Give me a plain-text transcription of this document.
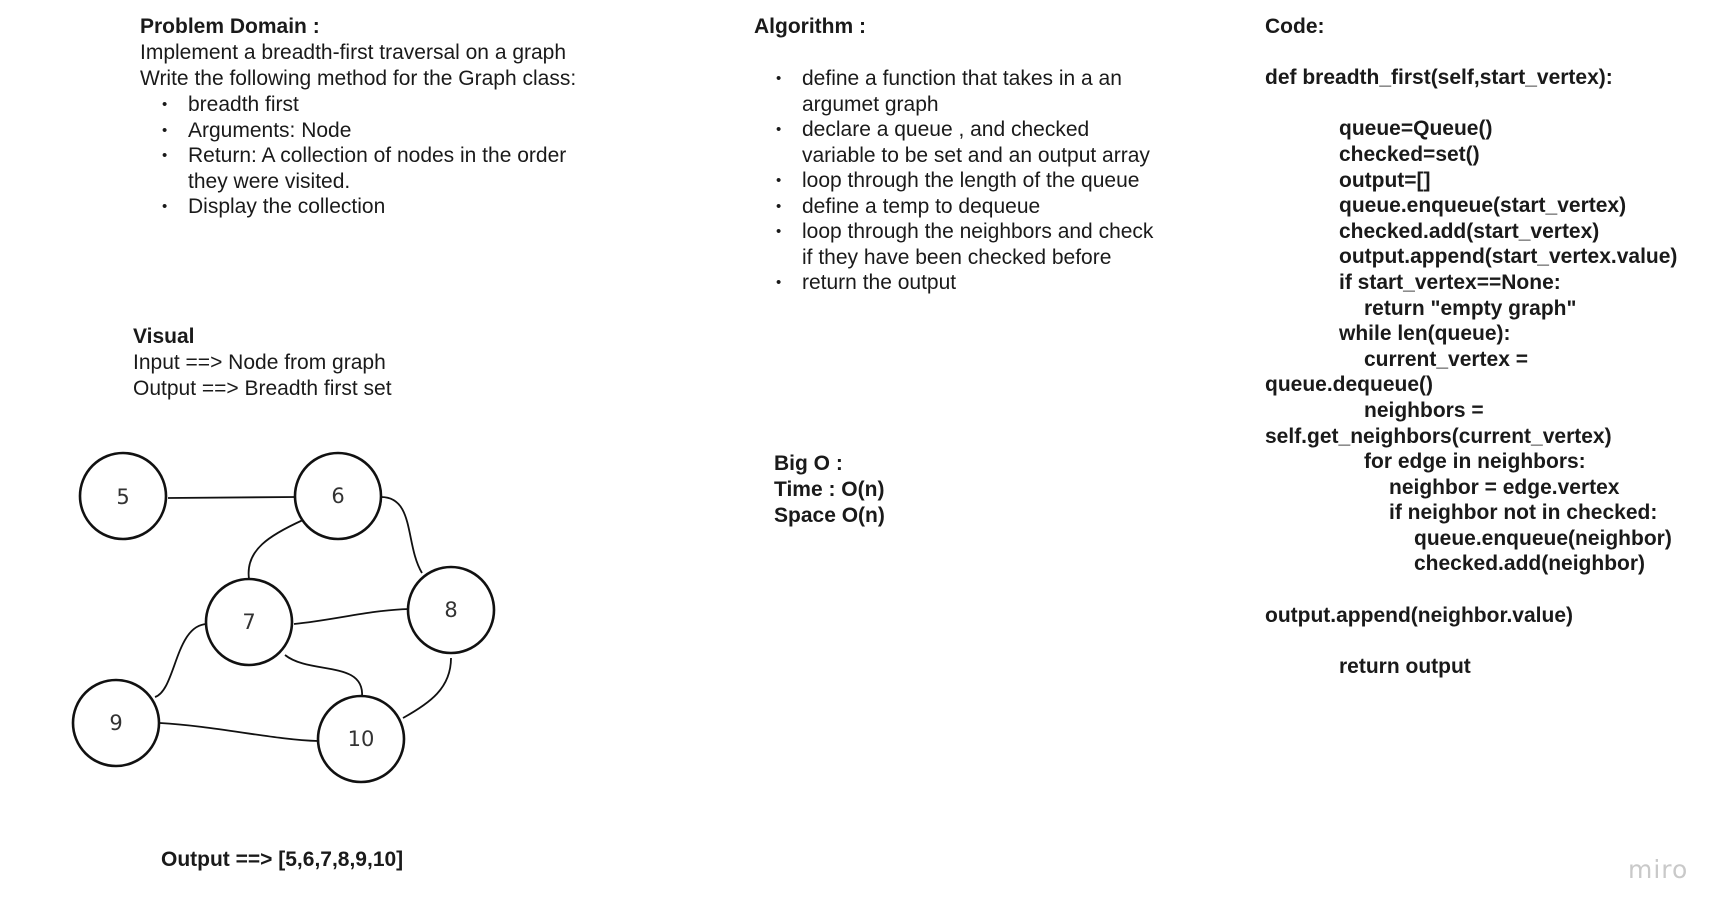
Problem Domain :
Implement a breadth-first traversal on a graph
Write the following method for the Graph class:
• breadth first
• Arguments: Node
• Return: A collection of nodes in the order
they were visited.
• Display the collection
Visual
Input ==> Node from graph
Output ==> Breadth first set
5	6
7	8
9
10
Output ==> [5,6,7,8,9,10]
Algorithm :
• define a function that takes in a an
argumet graph
• declare a queue , and checked
variable to be set and an output array
• loop through the length of the queue
• define a temp to dequeue
• loop through the neighbors and check
if they have been checked before
• return the output
Big O :
Time : O(n)
Space O(n)
Code:
def breadth_first(self,start_vertex):
queue=Queue()
checked=set()
output=[]
queue.enqueue(start_vertex)
checked.add(start_vertex)
output.append(start_vertex.value)
if start_vertex==None:
return "empty graph"
while len(queue):
current_vertex =
queue.dequeue()
neighbors =
self.get_neighbors(current_vertex)
for edge in neighbors:
neighbor = edge.vertex
if neighbor not in checked:
queue.enqueue(neighbor)
checked.add(neighbor)
output.append(neighbor.value)
return output
miro
